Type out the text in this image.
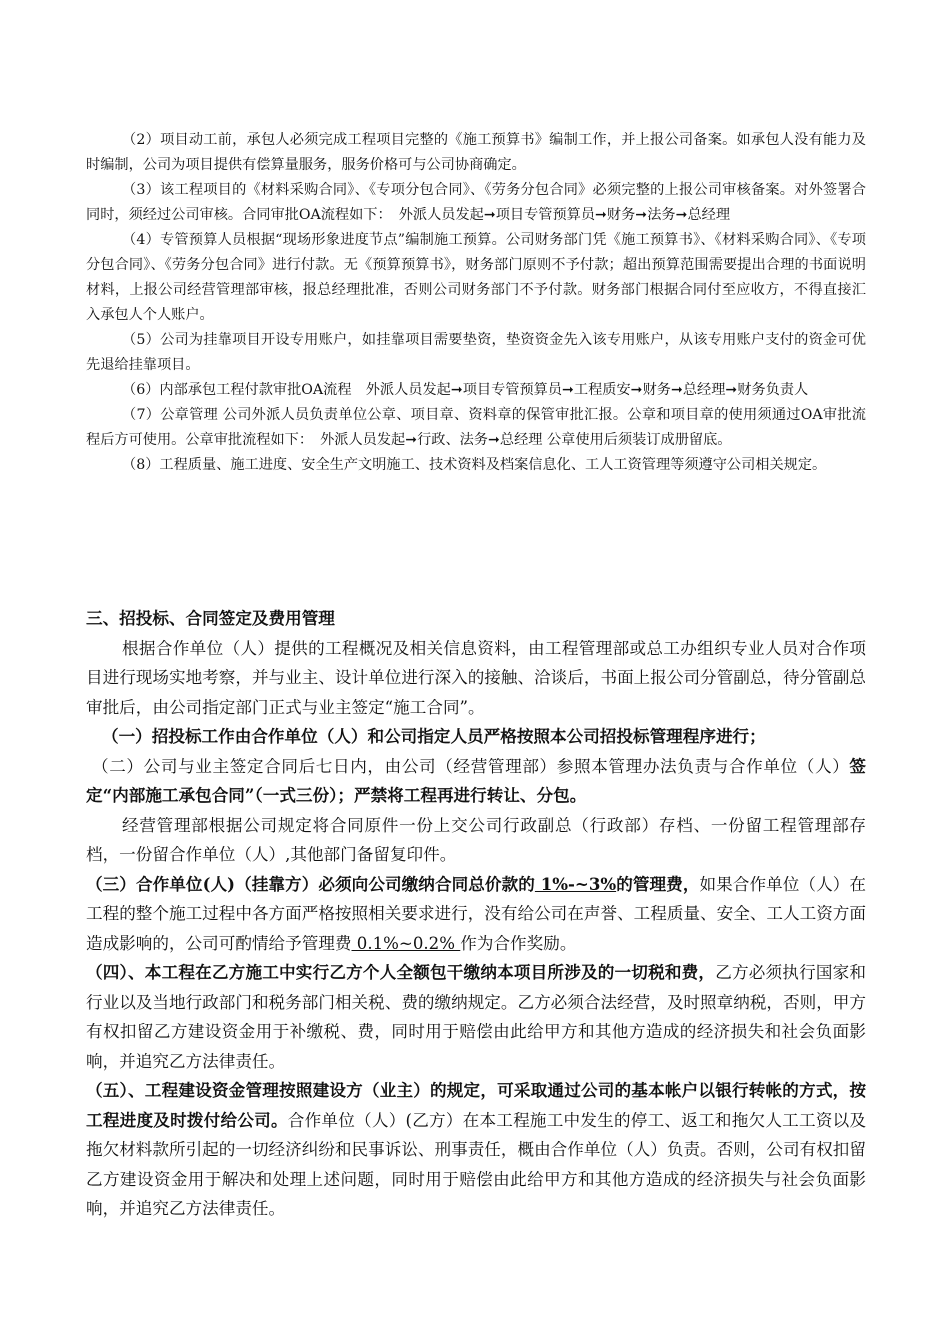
（2）项目动工前，承包人必须完成工程项目完整的《施工预算书》编制工作，并上报公司备案。如承包人没有能力及时编制，公司为项目提供有偿算量服务，服务价格可与公司协商确定。

（3）该工程项目的《材料采购合同》、《专项分包合同》、《劳务分包合同》必须完整的上报公司审核备案。对外签署合同时，须经过公司审核。合同审批OA流程如下：　外派人员发起➞项目专管预算员➞财务➞法务➞总经理

（4）专管预算人员根据“现场形象进度节点”编制施工预算。公司财务部门凭《施工预算书》、《材料采购合同》、《专项分包合同》、《劳务分包合同》进行付款。无《预算预算书》，财务部门原则不予付款；超出预算范围需要提出合理的书面说明材料，上报公司经营管理部审核，报总经理批准，否则公司财务部门不予付款。财务部门根据合同付至应收方，不得直接汇入承包人个人账户。

（5）公司为挂靠项目开设专用账户，如挂靠项目需要垫资，垫资资金先入该专用账户，从该专用账户支付的资金可优先退给挂靠项目。

（6）内部承包工程付款审批OA流程　外派人员发起➞项目专管预算员➞工程质安➞财务➞总经理➞财务负责人

（7）公章管理 公司外派人员负责单位公章、项目章、资料章的保管审批汇报。公章和项目章的使用须通过OA审批流程后方可使用。公章审批流程如下：　外派人员发起➞行政、法务➞总经理 公章使用后须装订成册留底。

（8）工程质量、施工进度、安全生产文明施工、技术资料及档案信息化、工人工资管理等须遵守公司相关规定。

三、招投标、合同签定及费用管理

根据合作单位（人）提供的工程概况及相关信息资料，由工程管理部或总工办组织专业人员对合作项目进行现场实地考察，并与业主、设计单位进行深入的接触、洽谈后，书面上报公司分管副总，待分管副总审批后，由公司指定部门正式与业主签定“施工合同”。

（一）招投标工作由合作单位（人）和公司指定人员严格按照本公司招投标管理程序进行；

（二）公司与业主签定合同后七日内，由公司（经营管理部）参照本管理办法负责与合作单位（人）签定“内部施工承包合同”（一式三份）；严禁将工程再进行转让、分包。

经营管理部根据公司规定将合同原件一份上交公司行政副总（行政部）存档、一份留工程管理部存档，一份留合作单位（人）,其他部门备留复印件。

（三）合作单位(人)（挂靠方）必须向公司缴纳合同总价款的 1%-~3%的管理费，如果合作单位（人）在工程的整个施工过程中各方面严格按照相关要求进行，没有给公司在声誉、工程质量、安全、工人工资方面造成影响的，公司可酌情给予管理费 0.1%~0.2% 作为合作奖励。

（四）、本工程在乙方施工中实行乙方个人全额包干缴纳本项目所涉及的一切税和费，乙方必须执行国家和行业以及当地行政部门和税务部门相关税、费的缴纳规定。乙方必须合法经营，及时照章纳税，否则，甲方有权扣留乙方建设资金用于补缴税、费，同时用于赔偿由此给甲方和其他方造成的经济损失和社会负面影响，并追究乙方法律责任。

（五）、工程建设资金管理按照建设方（业主）的规定，可采取通过公司的基本帐户以银行转帐的方式，按工程进度及时拨付给公司。合作单位（人）(乙方）在本工程施工中发生的停工、返工和拖欠人工工资以及拖欠材料款所引起的一切经济纠纷和民事诉讼、刑事责任，概由合作单位（人）负责。否则，公司有权扣留乙方建设资金用于解决和处理上述问题，同时用于赔偿由此给甲方和其他方造成的经济损失与社会负面影响，并追究乙方法律责任。
